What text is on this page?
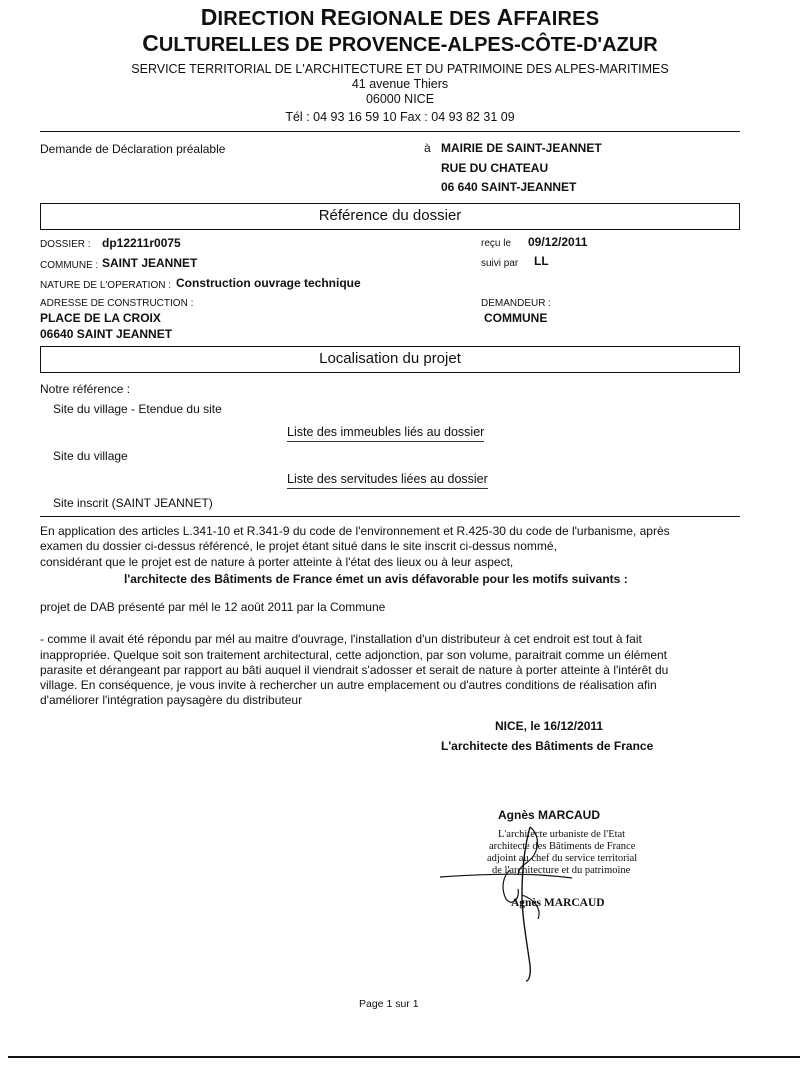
DIRECTION REGIONALE DES AFFAIRES
CULTURELLES DE PROVENCE-ALPES-CÔTE-D'AZUR
SERVICE TERRITORIAL DE L'ARCHITECTURE ET DU PATRIMOINE DES ALPES-MARITIMES
41 avenue Thiers
06000 NICE
Tél : 04 93 16 59 10 Fax : 04 93 82 31 09
Demande de Déclaration préalable	à MAIRIE DE SAINT-JEANNET
RUE DU CHATEAU
06 640 SAINT-JEANNET
Référence du dossier
DOSSIER : dp12211r0075
COMMUNE : SAINT JEANNET
NATURE DE L'OPERATION : Construction ouvrage technique
ADRESSE DE CONSTRUCTION :
PLACE DE LA CROIX
06640 SAINT JEANNET
reçu le 09/12/2011
suivi par LL
DEMANDEUR :
COMMUNE
Localisation du projet
Notre référence :
Site du village - Etendue du site
Liste des immeubles liés au dossier
Site du village
Liste des servitudes liées au dossier
Site inscrit (SAINT JEANNET)
En application des articles L.341-10 et R.341-9 du code de l'environnement et R.425-30 du code de l'urbanisme, après
examen du dossier ci-dessus référencé, le projet étant situé dans le site inscrit ci-dessus nommé,
considérant que le projet est de nature à porter atteinte à l'état des lieux ou à leur aspect,
l'architecte des Bâtiments de France émet un avis défavorable pour les motifs suivants :
projet de DAB présenté par mél le 12 août 2011 par la Commune
- comme il avait été répondu par mél au maitre d'ouvrage, l'installation d'un distributeur à cet endroit est tout à fait
inappropriée. Quelque soit son traitement architectural, cette adjonction, par son volume, paraitrait comme un élément
parasite et dérangeant par rapport au bâti auquel il viendrait s'adosser et serait de nature à porter atteinte à l'intérêt du
village. En conséquence, je vous invite à rechercher un autre emplacement ou d'autres conditions de réalisation afin
d'améliorer l'intégration paysagère du distributeur
NICE, le 16/12/2011
L'architecte des Bâtiments de France
Agnès MARCAUD
L'architecte urbaniste de l'Etat
architecte des Bâtiments de France
adjoint au chef du service territorial
de l'architecture et du patrimoine
Agnès MARCAUD
Page 1 sur 1
